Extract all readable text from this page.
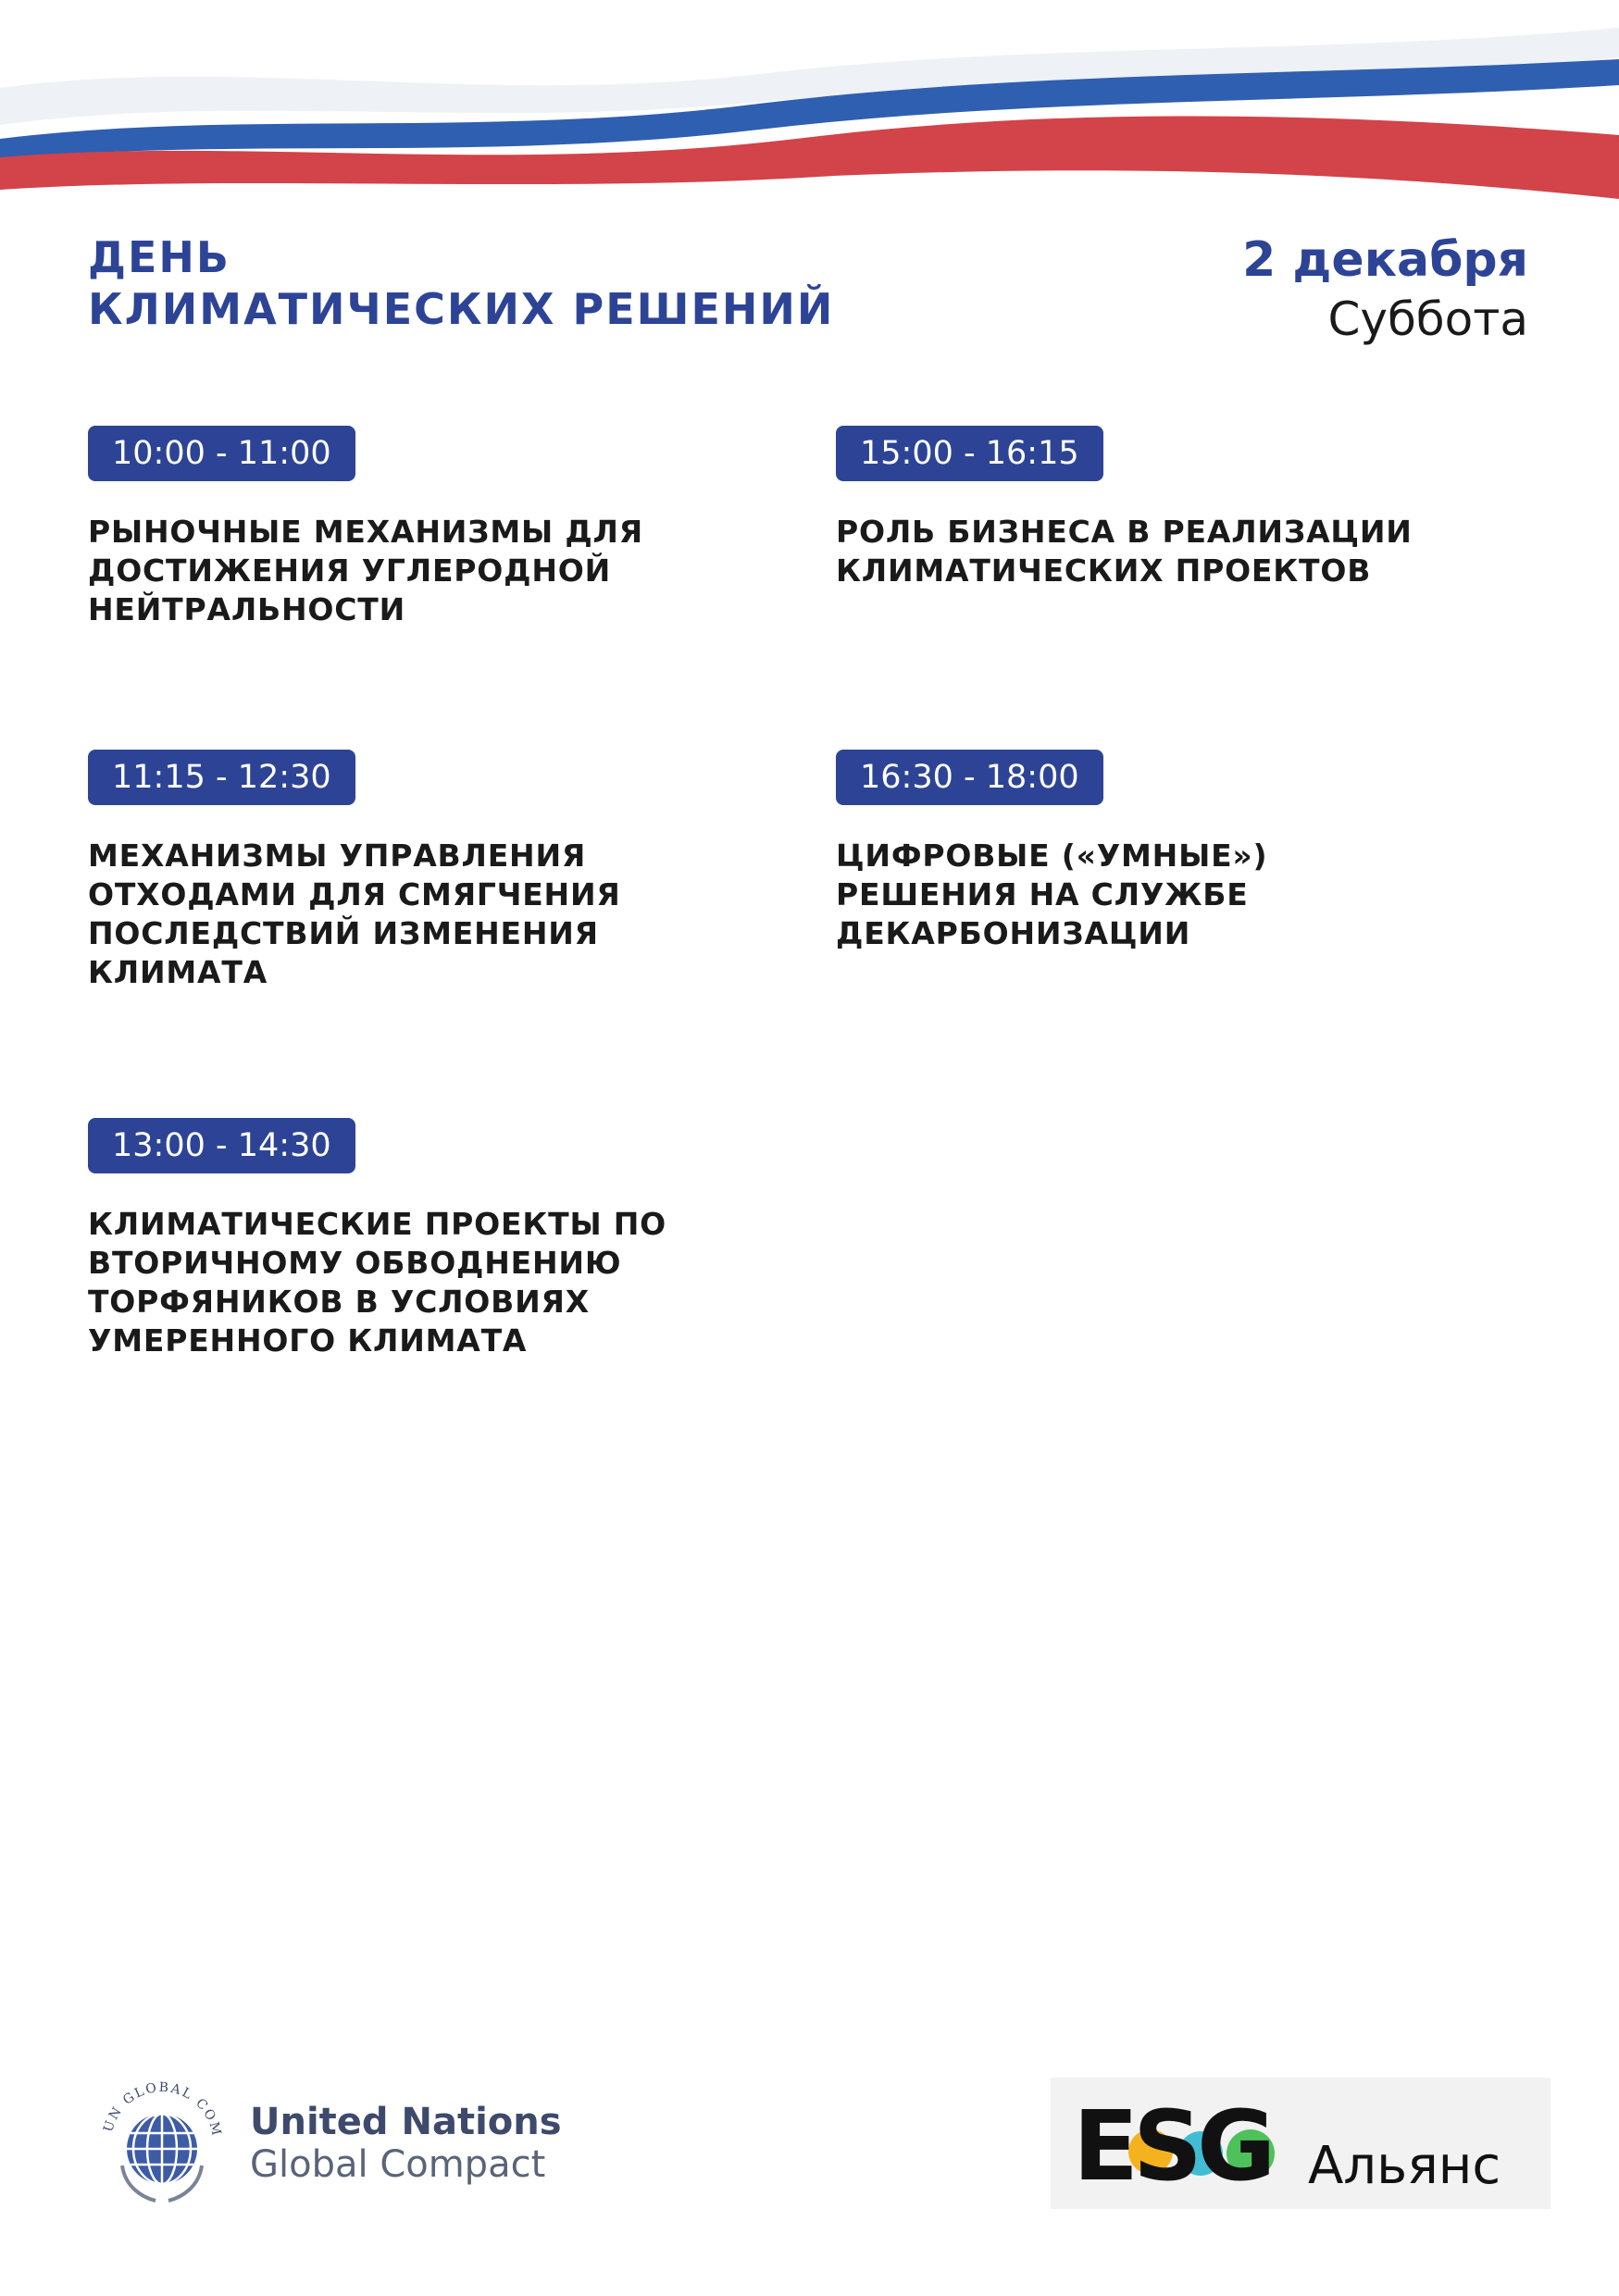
ДЕНЬ
КЛИМАТИЧЕСКИХ РЕШЕНИЙ
2 декабря
Суббота
10:00 - 11:00
РЫНОЧНЫЕ МЕХАНИЗМЫ ДЛЯ ДОСТИЖЕНИЯ УГЛЕРОДНОЙ НЕЙТРАЛЬНОСТИ
11:15 - 12:30
МЕХАНИЗМЫ УПРАВЛЕНИЯ ОТХОДАМИ ДЛЯ СМЯГЧЕНИЯ ПОСЛЕДСТВИЙ ИЗМЕНЕНИЯ КЛИМАТА
13:00 - 14:30
КЛИМАТИЧЕСКИЕ ПРОЕКТЫ ПО ВТОРИЧНОМУ ОБВОДНЕНИЮ ТОРФЯНИКОВ В УСЛОВИЯХ УМЕРЕННОГО КЛИМАТА
15:00 - 16:15
РОЛЬ БИЗНЕСА В РЕАЛИЗАЦИИ КЛИМАТИЧЕСКИХ ПРОЕКТОВ
16:30 - 18:00
ЦИФРОВЫЕ («УМНЫЕ») РЕШЕНИЯ НА СЛУЖБЕ ДЕКАРБОНИЗАЦИИ
UN GLOBAL COM United Nations
Global Compact	ESG Альянс
